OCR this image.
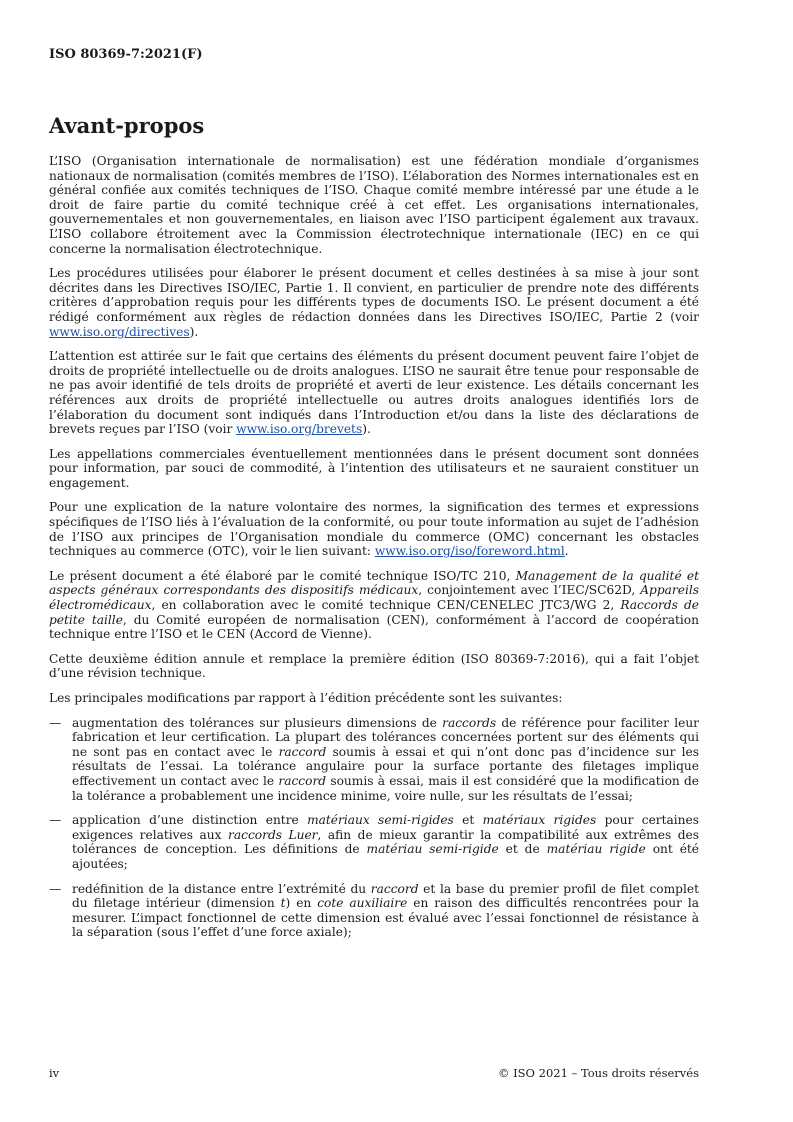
ISO 80369-7:2021(F)
Avant-propos

L’ISO (Organisation internationale de normalisation) est une fédération mondiale d’organismes nationaux de normalisation (comités membres de l’ISO). L’élaboration des Normes internationales est en général confiée aux comités techniques de l’ISO. Chaque comité membre intéressé par une étude a le droit de faire partie du comité technique créé à cet effet. Les organisations internationales, gouvernementales et non gouvernementales, en liaison avec l’ISO participent également aux travaux. L’ISO collabore étroitement avec la Commission électrotechnique internationale (IEC) en ce qui concerne la normalisation électrotechnique.

Les procédures utilisées pour élaborer le présent document et celles destinées à sa mise à jour sont décrites dans les Directives ISO/IEC, Partie 1. Il convient, en particulier de prendre note des différents critères d’approbation requis pour les différents types de documents ISO. Le présent document a été rédigé conformément aux règles de rédaction données dans les Directives ISO/IEC, Partie 2 (voir www.iso.org/directives).

L’attention est attirée sur le fait que certains des éléments du présent document peuvent faire l’objet de droits de propriété intellectuelle ou de droits analogues. L’ISO ne saurait être tenue pour responsable de ne pas avoir identifié de tels droits de propriété et averti de leur existence. Les détails concernant les références aux droits de propriété intellectuelle ou autres droits analogues identifiés lors de l’élaboration du document sont indiqués dans l’Introduction et/ou dans la liste des déclarations de brevets reçues par l’ISO (voir www.iso.org/brevets).

Les appellations commerciales éventuellement mentionnées dans le présent document sont données pour information, par souci de commodité, à l’intention des utilisateurs et ne sauraient constituer un engagement.

Pour une explication de la nature volontaire des normes, la signification des termes et expressions spécifiques de l’ISO liés à l’évaluation de la conformité, ou pour toute information au sujet de l’adhésion de l’ISO aux principes de l’Organisation mondiale du commerce (OMC) concernant les obstacles techniques au commerce (OTC), voir le lien suivant: www.iso.org/iso/foreword.html.

Le présent document a été élaboré par le comité technique ISO/TC 210, Management de la qualité et aspects généraux correspondants des dispositifs médicaux, conjointement avec l’IEC/SC62D, Appareils électromédicaux, en collaboration avec le comité technique CEN/CENELEC JTC3/WG 2, Raccords de petite taille, du Comité européen de normalisation (CEN), conformément à l’accord de coopération technique entre l’ISO et le CEN (Accord de Vienne).

Cette deuxième édition annule et remplace la première édition (ISO 80369-7:2016), qui a fait l’objet d’une révision technique.

Les principales modifications par rapport à l’édition précédente sont les suivantes:

— augmentation des tolérances sur plusieurs dimensions de raccords de référence pour faciliter leur fabrication et leur certification. La plupart des tolérances concernées portent sur des éléments qui ne sont pas en contact avec le raccord soumis à essai et qui n’ont donc pas d’incidence sur les résultats de l’essai. La tolérance angulaire pour la surface portante des filetages implique effectivement un contact avec le raccord soumis à essai, mais il est considéré que la modification de la tolérance a probablement une incidence minime, voire nulle, sur les résultats de l’essai;
— application d’une distinction entre matériaux semi-rigides et matériaux rigides pour certaines exigences relatives aux raccords Luer, afin de mieux garantir la compatibilité aux extrêmes des tolérances de conception. Les définitions de matériau semi-rigide et de matériau rigide ont été ajoutées;
— redéfinition de la distance entre l’extrémité du raccord et la base du premier profil de filet complet du filetage intérieur (dimension t) en cote auxiliaire en raison des difficultés rencontrées pour la mesurer. L’impact fonctionnel de cette dimension est évalué avec l’essai fonctionnel de résistance à la séparation (sous l’effet d’une force axiale);
iv	© ISO 2021 – Tous droits réservés
